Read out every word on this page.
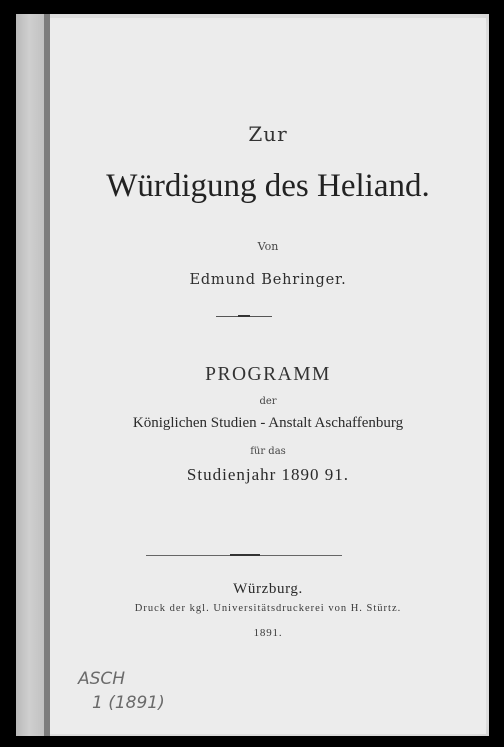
Zur
Würdigung des Heliand.
Von
Edmund Behringer.
PROGRAMM
der
Königlichen Studien - Anstalt Aschaffenburg
für das
Studienjahr 1890 91.
Würzburg.
Druck der kgl. Universitätsdruckerei von H. Stürtz.
1891.
ASCH
1 (1891)
